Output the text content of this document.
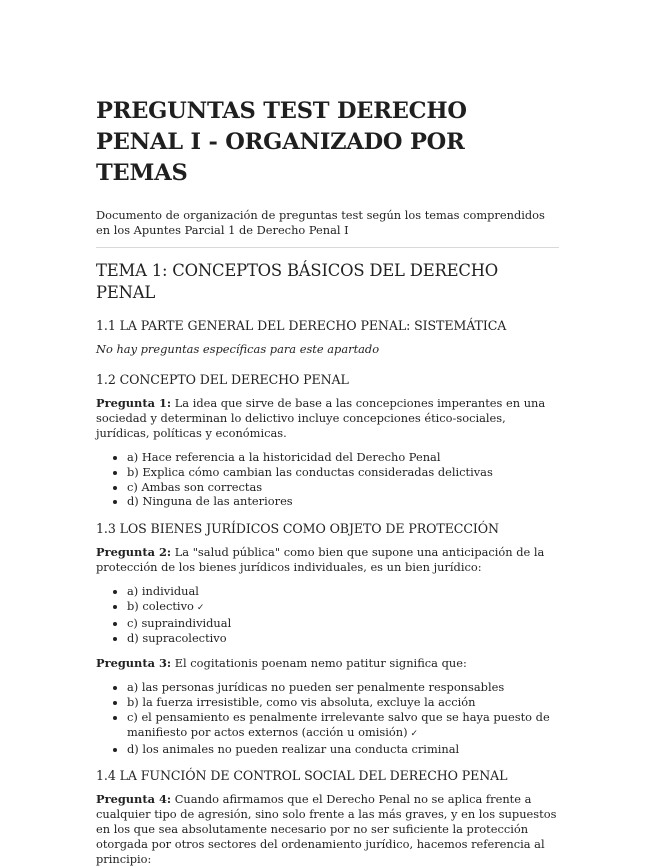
PREGUNTAS TEST DERECHO PENAL I - ORGANIZADO POR TEMAS

Documento de organización de preguntas test según los temas comprendidos en los Apuntes Parcial 1 de Derecho Penal I

TEMA 1: CONCEPTOS BÁSICOS DEL DERECHO PENAL
1.1 LA PARTE GENERAL DEL DERECHO PENAL: SISTEMÁTICA

No hay preguntas específicas para este apartado

1.2 CONCEPTO DEL DERECHO PENAL

Pregunta 1: La idea que sirve de base a las concepciones imperantes en una sociedad y determinan lo delictivo incluye concepciones ético-sociales, jurídicas, políticas y económicas.

• a) Hace referencia a la historicidad del Derecho Penal
• b) Explica cómo cambian las conductas consideradas delictivas
• c) Ambas son correctas
• d) Ninguna de las anteriores
1.3 LOS BIENES JURÍDICOS COMO OBJETO DE PROTECCIÓN

Pregunta 2: La "salud pública" como bien que supone una anticipación de la protección de los bienes jurídicos individuales, es un bien jurídico:

• a) individual
• b) colectivo ✓
• c) supraindividual
• d) supracolectivo

Pregunta 3: El cogitationis poenam nemo patitur significa que:

• a) las personas jurídicas no pueden ser penalmente responsables
• b) la fuerza irresistible, como vis absoluta, excluye la acción
• c) el pensamiento es penalmente irrelevante salvo que se haya puesto de manifiesto por actos externos (acción u omisión) ✓
• d) los animales no pueden realizar una conducta criminal
1.4 LA FUNCIÓN DE CONTROL SOCIAL DEL DERECHO PENAL

Pregunta 4: Cuando afirmamos que el Derecho Penal no se aplica frente a cualquier tipo de agresión, sino solo frente a las más graves, y en los supuestos en los que sea absolutamente necesario por no ser suficiente la protección otorgada por otros sectores del ordenamiento jurídico, hacemos referencia al principio:
